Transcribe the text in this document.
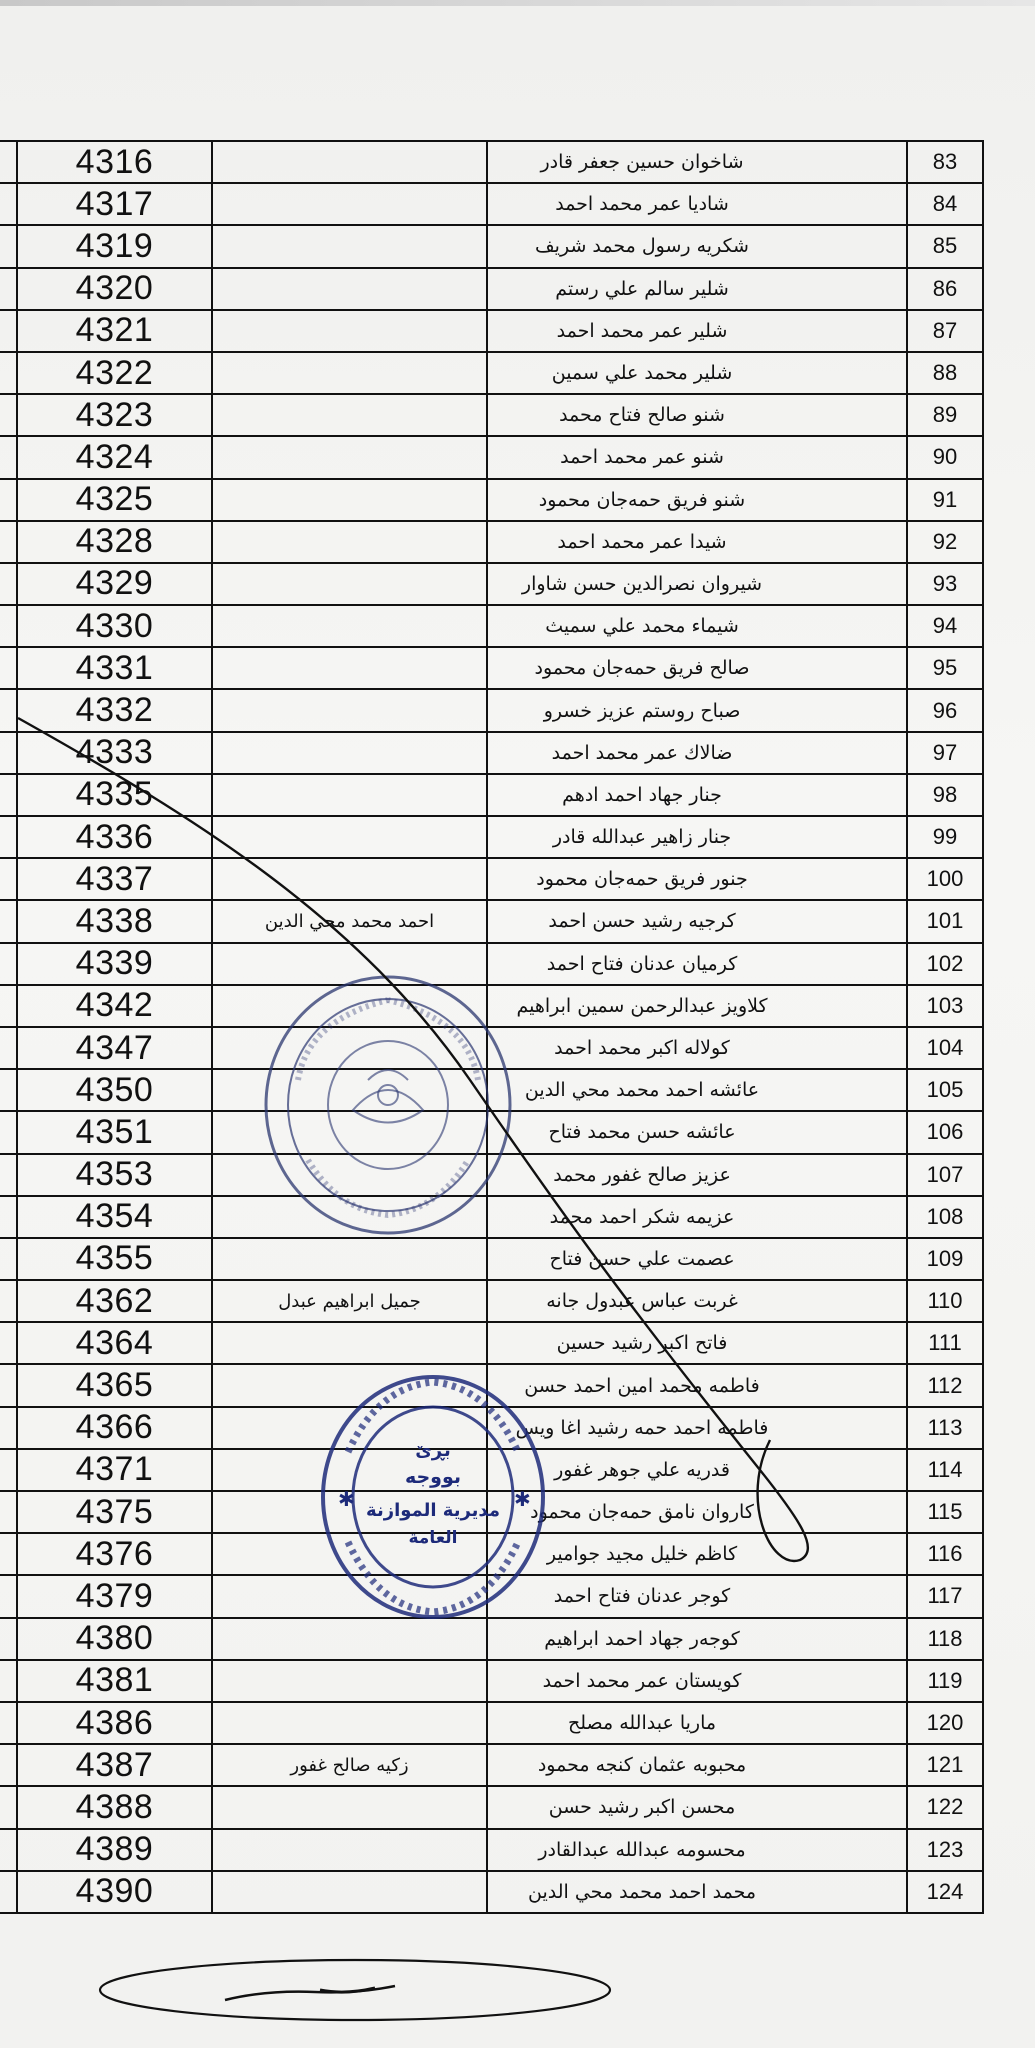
4316	شاخوان حسين جعفر قادر	83
4317	شاديا عمر محمد احمد	84
4319	شكريه رسول محمد شريف	85
4320	شلير سالم علي رستم	86
4321	شلير عمر محمد احمد	87
4322	شلير محمد علي سمين	88
4323	شنو صالح فتاح محمد	89
4324	شنو عمر محمد احمد	90
4325	شنو فريق حمه‌جان محمود	91
4328	شيدا عمر محمد احمد	92
4329	شيروان نصرالدين حسن شاوار	93
4330	شيماء محمد علي سميث	94
4331	صالح فريق حمه‌جان محمود	95
4332	صباح روستم عزيز خسرو	96
4333	ضالاك عمر محمد احمد	97
4335	جنار جهاد احمد ادهم	98
4336	جنار زاهير عبدالله قادر	99
4337	جنور فريق حمه‌جان محمود	100
4338	احمد محمد محي الدين	كرجيه رشيد حسن احمد	101
4339	كرميان عدنان فتاح احمد	102
4342	كلاويز عبدالرحمن سمين ابراهيم	103
4347	كولاله اكبر محمد احمد	104
4350	عائشه احمد محمد محي الدين	105
4351	عائشه حسن محمد فتاح	106
4353	عزيز صالح غفور محمد	107
4354	عزيمه شكر احمد محمد	108
4355	عصمت علي حسن فتاح	109
4362	جميل ابراهيم عبدل	غربت عباس عبدول جانه	110
4364	فاتح اكبر رشيد حسين	111
4365	فاطمه محمد امين احمد حسن	112
4366	فاطمه احمد حمه رشيد اغا ويس	113
4371	قدريه علي جوهر غفور	114
4375	كاروان نامق حمه‌جان محمود	115
4376	كاظم خليل مجيد جوامير	116
4379	كوجر عدنان فتاح احمد	117
4380	كوجه‌ر جهاد احمد ابراهيم	118
4381	كويستان عمر محمد احمد	119
4386	ماريا عبدالله مصلح	120
4387	زكيه صالح غفور	محبوبه عثمان كنجه محمود	121
4388	محسن اكبر رشيد حسن	122
4389	محسومه عبدالله عبدالقادر	123
4390	محمد احمد محمد محي الدين	124
✱	✱
بڕێ
بووجه
مديرية الموازنة
العامة
